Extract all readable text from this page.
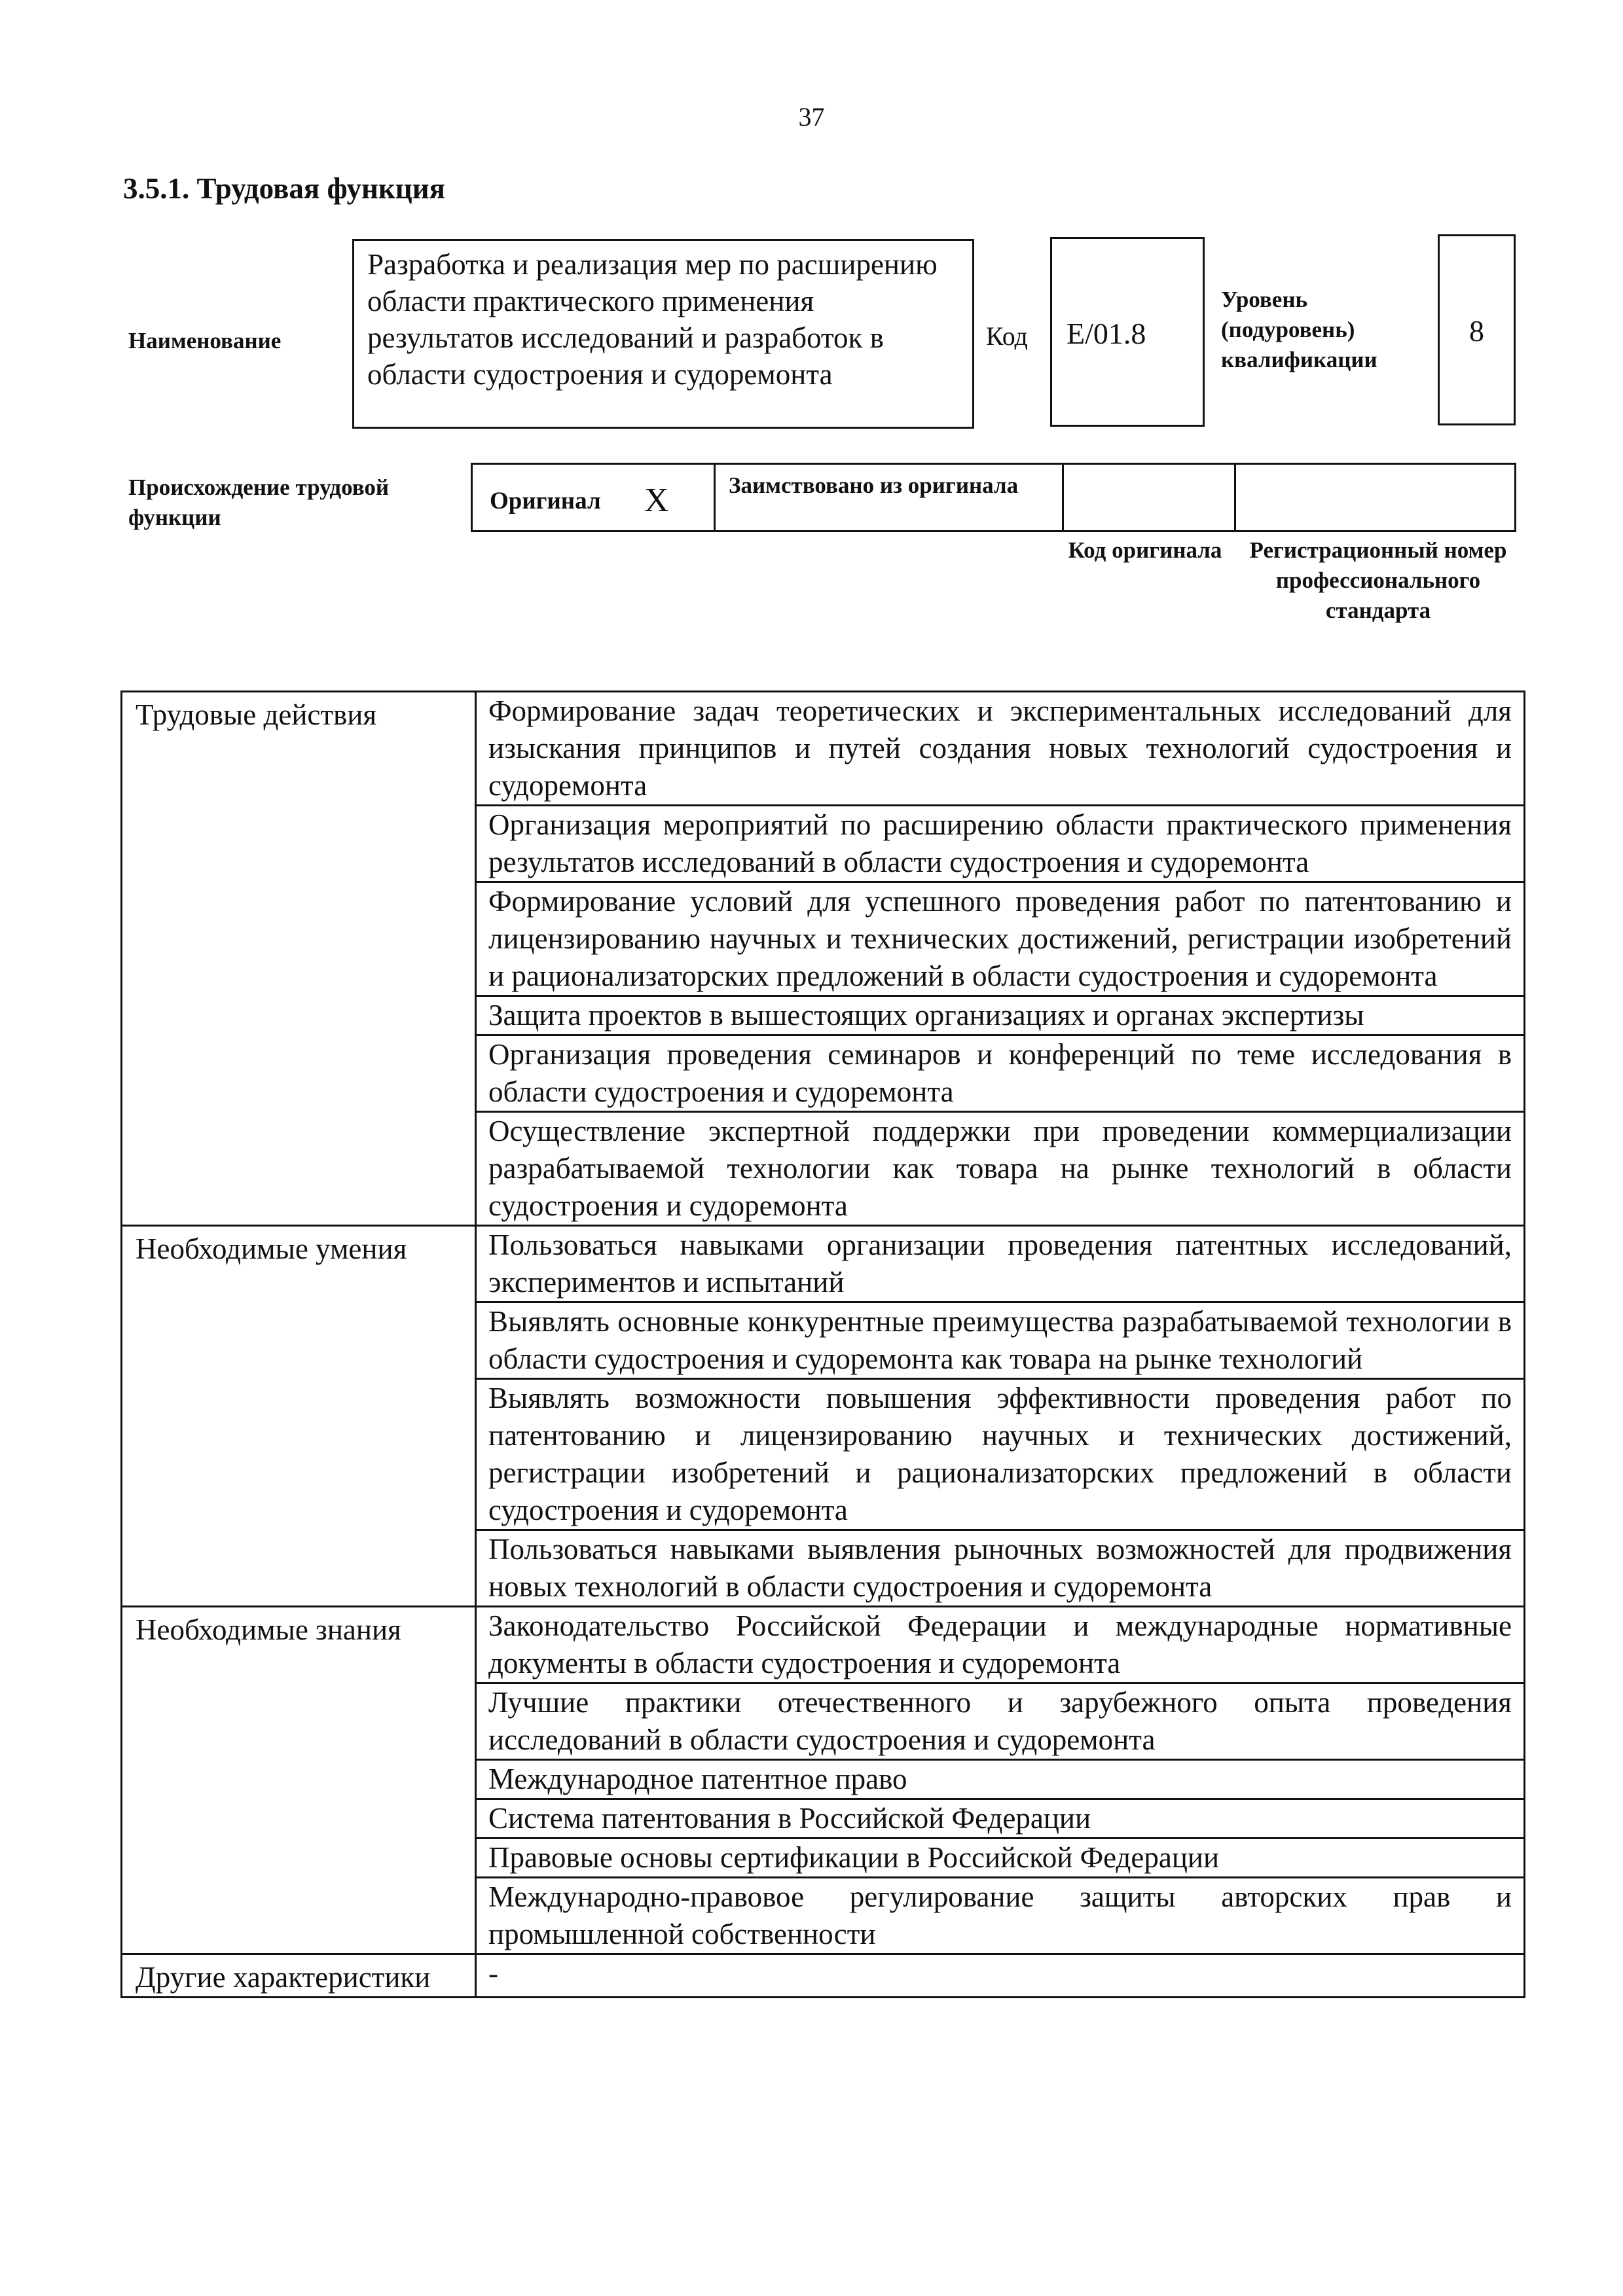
37
3.5.1. Трудовая функция
Наименование
Разработка и реализация мер по расширению области практического применения результатов исследований и разработок в области судостроения и судоремонта
Код	E/01.8
Уровень (подуровень) квалификации
8
Происхождение трудовой функции
Оригинал X	Заимствовано из оригинала
Код оригинала	Регистрационный номер профессионального стандарта
Трудовые действия	Формирование задач теоретических и экспериментальных исследований для изыскания принципов и путей создания новых технологий судостроения и судоремонта
	Организация мероприятий по расширению области практического применения результатов исследований в области судостроения и судоремонта
	Формирование условий для успешного проведения работ по патентованию и лицензированию научных и технических достижений, регистрации изобретений и рационализаторских предложений в области судостроения и судоремонта
	Защита проектов в вышестоящих организациях и органах экспертизы
	Организация проведения семинаров и конференций по теме исследования в области судостроения и судоремонта
	Осуществление экспертной поддержки при проведении коммерциализации разрабатываемой технологии как товара на рынке технологий в области судостроения и судоремонта
Необходимые умения	Пользоваться навыками организации проведения патентных исследований, экспериментов и испытаний
	Выявлять основные конкурентные преимущества разрабатываемой технологии в области судостроения и судоремонта как товара на рынке технологий
	Выявлять возможности повышения эффективности проведения работ по патентованию и лицензированию научных и технических достижений, регистрации изобретений и рационализаторских предложений в области судостроения и судоремонта
	Пользоваться навыками выявления рыночных возможностей для продвижения новых технологий в области судостроения и судоремонта
Необходимые знания	Законодательство Российской Федерации и международные нормативные документы в области судостроения и судоремонта
	Лучшие практики отечественного и зарубежного опыта проведения исследований в области судостроения и судоремонта
	Международное патентное право
	Система патентования в Российской Федерации
	Правовые основы сертификации в Российской Федерации
	Международно-правовое регулирование защиты авторских прав и промышленной собственности
Другие характеристики	-
